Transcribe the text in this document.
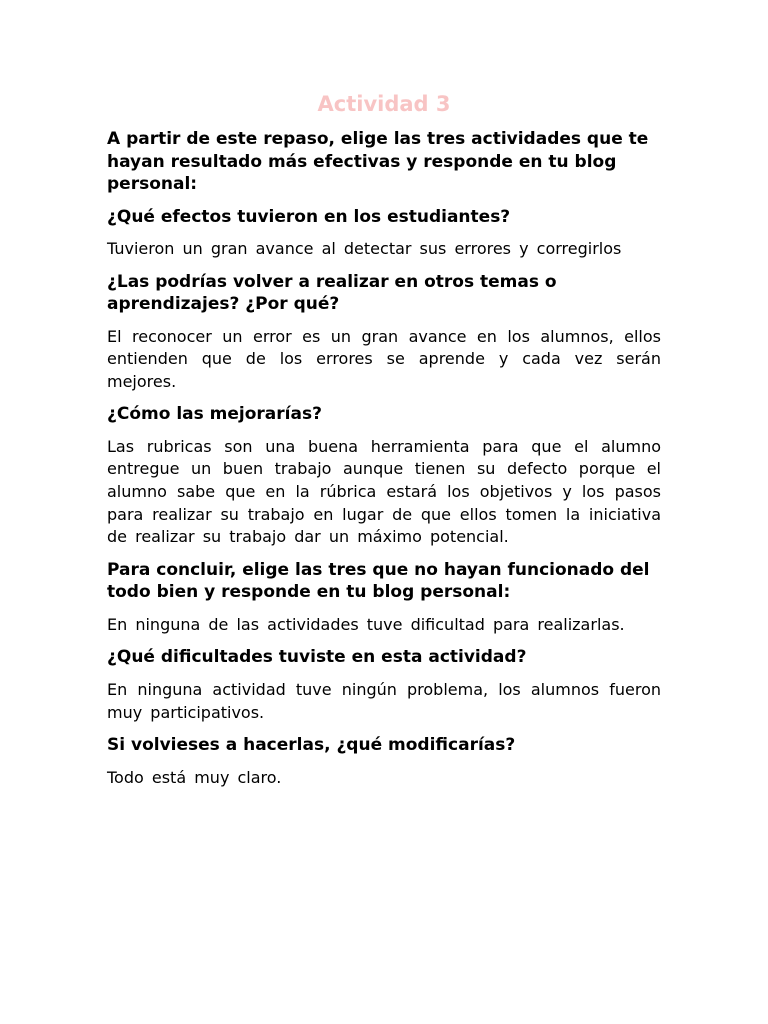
Actividad 3
A partir de este repaso, elige las tres actividades que te hayan resultado más efectivas y responde en tu blog personal:
¿Qué efectos tuvieron en los estudiantes?
Tuvieron un gran avance al detectar sus errores y corregirlos
¿Las podrías volver a realizar en otros temas o aprendizajes? ¿Por qué?
El reconocer un error es un gran avance en los alumnos, ellos entienden que de los errores se aprende y cada vez serán mejores.
¿Cómo las mejorarías?
Las rubricas son una buena herramienta para que el alumno entregue un buen trabajo aunque tienen su defecto porque el alumno sabe que en la rúbrica estará los objetivos y los pasos para realizar su trabajo en lugar de que ellos tomen la iniciativa de realizar su trabajo dar un máximo potencial.
Para concluir, elige las tres que no hayan funcionado del todo bien y responde en tu blog personal:
En ninguna de las actividades tuve dificultad para realizarlas.
¿Qué dificultades tuviste en esta actividad?
En ninguna actividad tuve ningún problema, los alumnos fueron muy participativos.
Si volvieses a hacerlas, ¿qué modificarías?
Todo está muy claro.
